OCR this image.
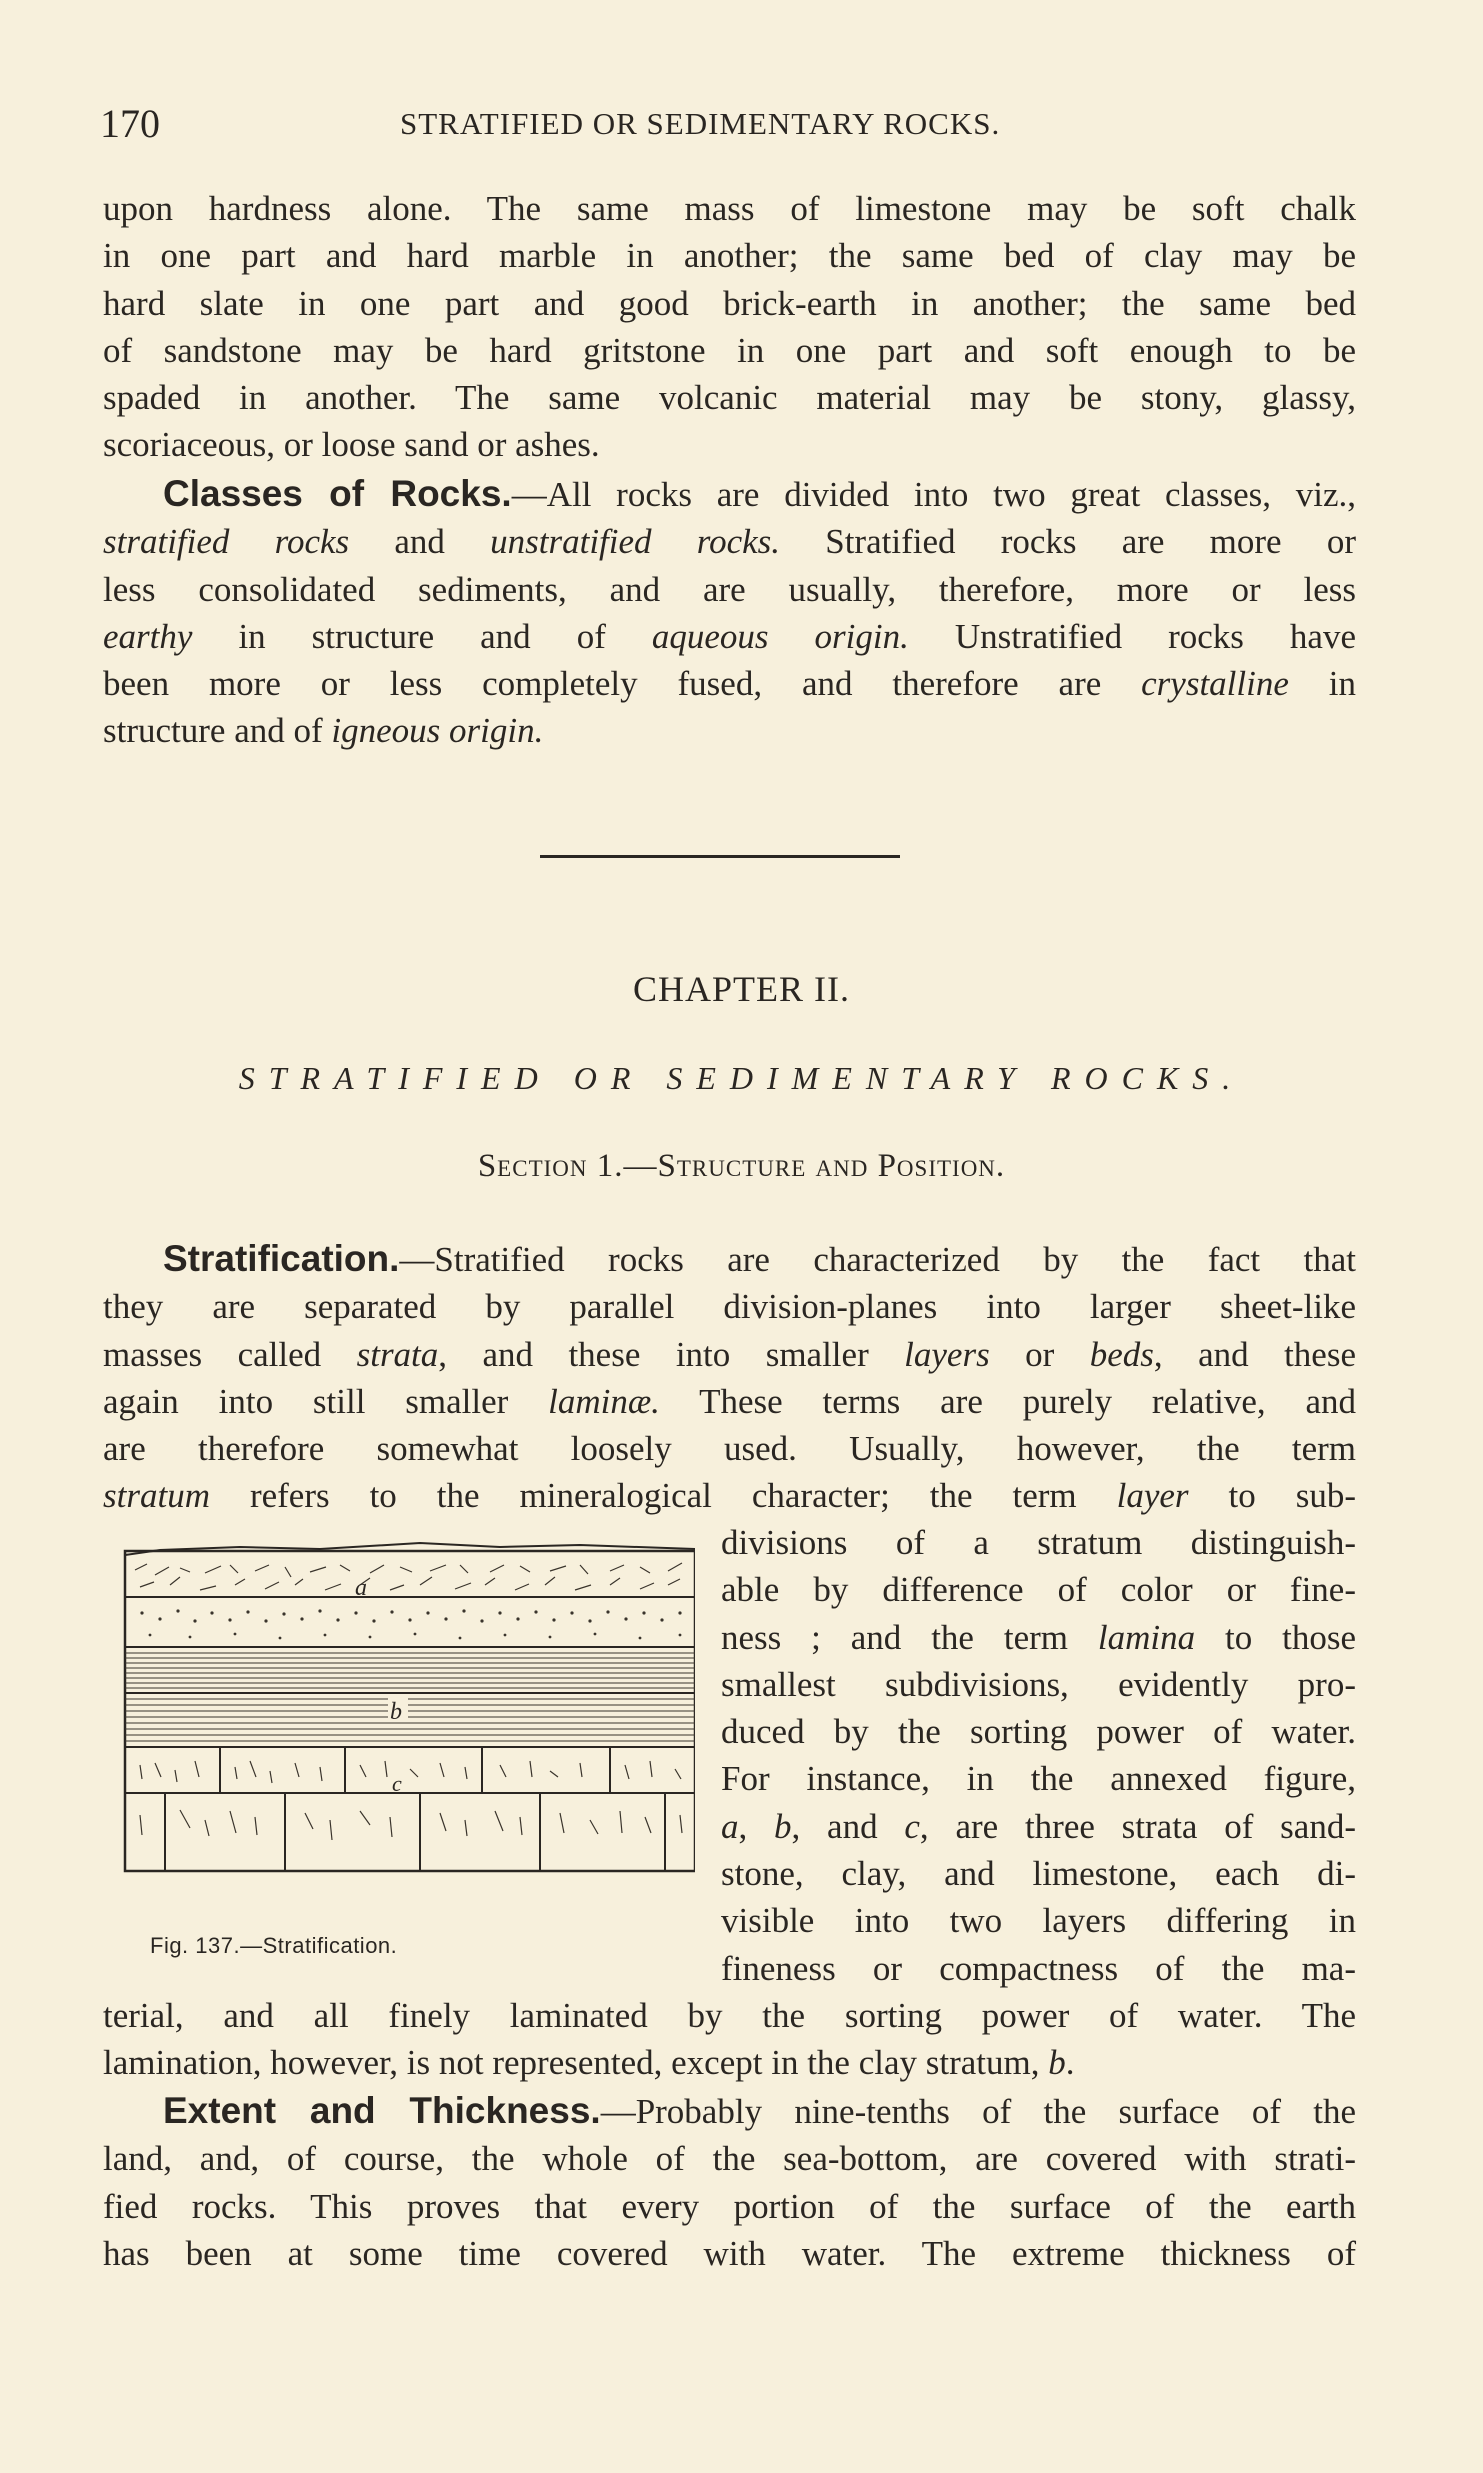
170	STRATIFIED OR SEDIMENTARY ROCKS.

upon hardness alone. The same mass of limestone may be soft chalk
in one part and hard marble in another; the same bed of clay may be
hard slate in one part and good brick-earth in another; the same bed
of sandstone may be hard gritstone in one part and soft enough to be
spaded in another. The same volcanic material may be stony, glassy,
scoriaceous, or loose sand or ashes.

Classes of Rocks.—All rocks are divided into two great classes, viz.,
stratified rocks and unstratified rocks. Stratified rocks are more or
less consolidated sediments, and are usually, therefore, more or less
earthy in structure and of aqueous origin. Unstratified rocks have
been more or less completely fused, and therefore are crystalline in
structure and of igneous origin.

CHAPTER II.
STRATIFIED OR SEDIMENTARY ROCKS.
Section 1.—Structure and Position.

Stratification.—Stratified rocks are characterized by the fact that
they are separated by parallel division-planes into larger sheet-like
masses called strata, and these into smaller layers or beds, and these
again into still smaller laminæ. These terms are purely relative, and
are therefore somewhat loosely used. Usually, however, the term
stratum refers to the mineralogical character; the term layer to sub-

a
b
c
Fig. 137.—Stratification.

divisions of a stratum distinguish-
able by difference of color or fine-
ness ; and the term lamina to those
smallest subdivisions, evidently pro-
duced by the sorting power of water.
For instance, in the annexed figure,
a, b, and c, are three strata of sand-
stone, clay, and limestone, each di-
visible into two layers differing in
fineness or compactness of the ma-

terial, and all finely laminated by the sorting power of water. The
lamination, however, is not represented, except in the clay stratum, b.

Extent and Thickness.—Probably nine-tenths of the surface of the
land, and, of course, the whole of the sea-bottom, are covered with strati-
fied rocks. This proves that every portion of the surface of the earth
has been at some time covered with water. The extreme thickness of
